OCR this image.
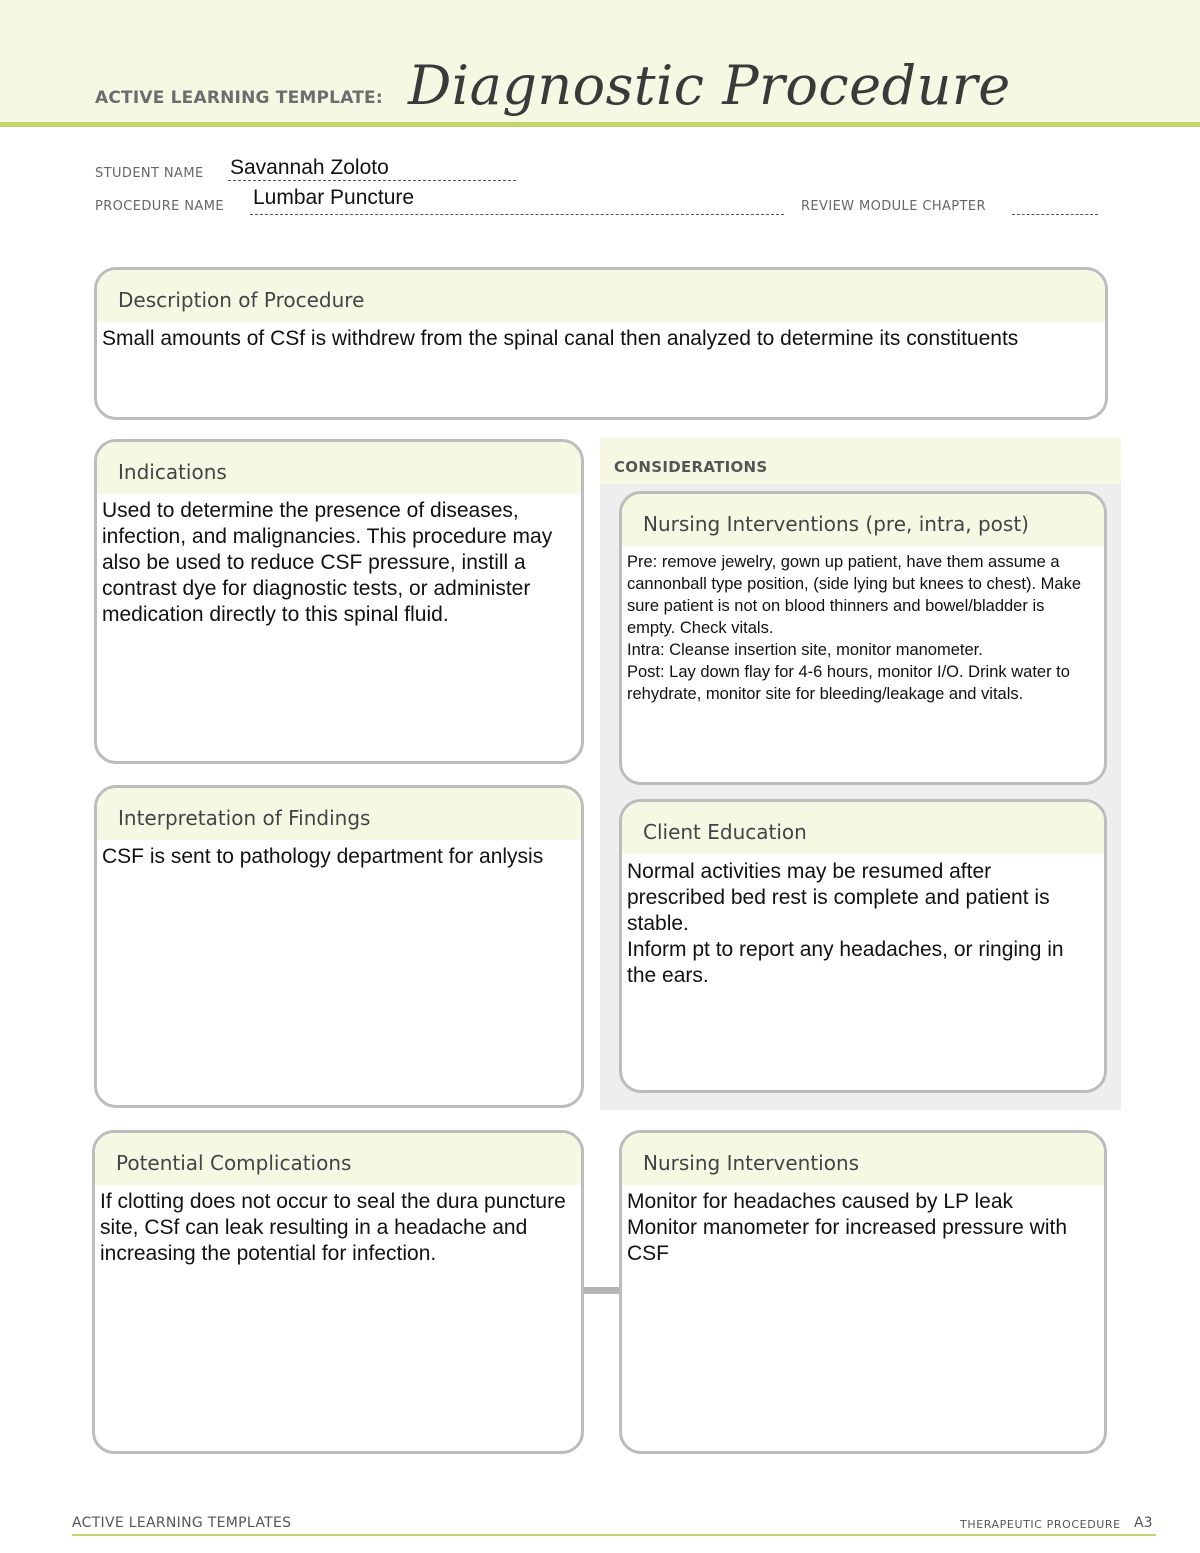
ACTIVE LEARNING TEMPLATE: Diagnostic Procedure
STUDENT NAME Savannah Zoloto
PROCEDURE NAME Lumbar Puncture	REVIEW MODULE CHAPTER
Description of Procedure
Small amounts of CSf is withdrew from the spinal canal then analyzed to determine its constituents
CONSIDERATIONS
Indications
Used to determine the presence of diseases, infection, and malignancies. This procedure may also be used to reduce CSF pressure, instill a contrast dye for diagnostic tests, or administer medication directly to this spinal fluid.
Nursing Interventions (pre, intra, post)
Pre: remove jewelry, gown up patient, have them assume a cannonball type position, (side lying but knees to chest). Make sure patient is not on blood thinners and bowel/bladder is empty. Check vitals.
Intra: Cleanse insertion site, monitor manometer.
Post: Lay down flay for 4-6 hours, monitor I/O. Drink water to rehydrate, monitor site for bleeding/leakage and vitals.
Interpretation of Findings
CSF is sent to pathology department for anlysis
Client Education
Normal activities may be resumed after prescribed bed rest is complete and patient is stable.
Inform pt to report any headaches, or ringing in the ears.
Potential Complications
If clotting does not occur to seal the dura puncture site, CSf can leak resulting in a headache and increasing the potential for infection.
Nursing Interventions
Monitor for headaches caused by LP leak
Monitor manometer for increased pressure with CSF
ACTIVE LEARNING TEMPLATES	THERAPEUTIC PROCEDURE A3
